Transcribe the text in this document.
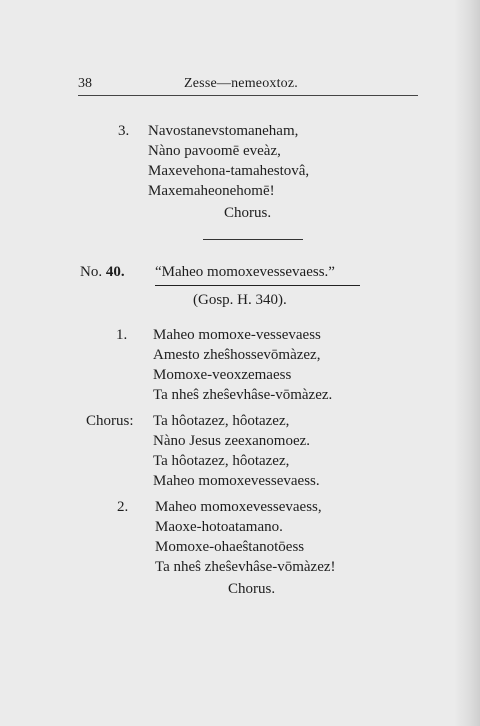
38	Zesse—nemeoxtoz.
3. Navostanevstomaneham,
Nàno pavoomē eveàz,
Maxevehona-tamahestovâ,
Maxemaheonehomē!
Chorus.
No. 40. “Maheo momoxevessevaess.”
(Gosp. H. 340).
1. Maheo momoxe-vessevaess
Amesto zheŝhossevōmàzez,
Momoxe-veoxzemaess
Ta nheŝ zheŝevhâse-vōmàzez.
Chorus: Ta hôotazez, hôotazez,
Nàno Jesus zeexanomoez.
Ta hôotazez, hôotazez,
Maheo momoxevessevaess.
2. Maheo momoxevessevaess,
Maoxe-hotoatamano.
Momoxe-ohaeŝtanotōess
Ta nheŝ zheŝevhâse-vōmàzez!
Chorus.
